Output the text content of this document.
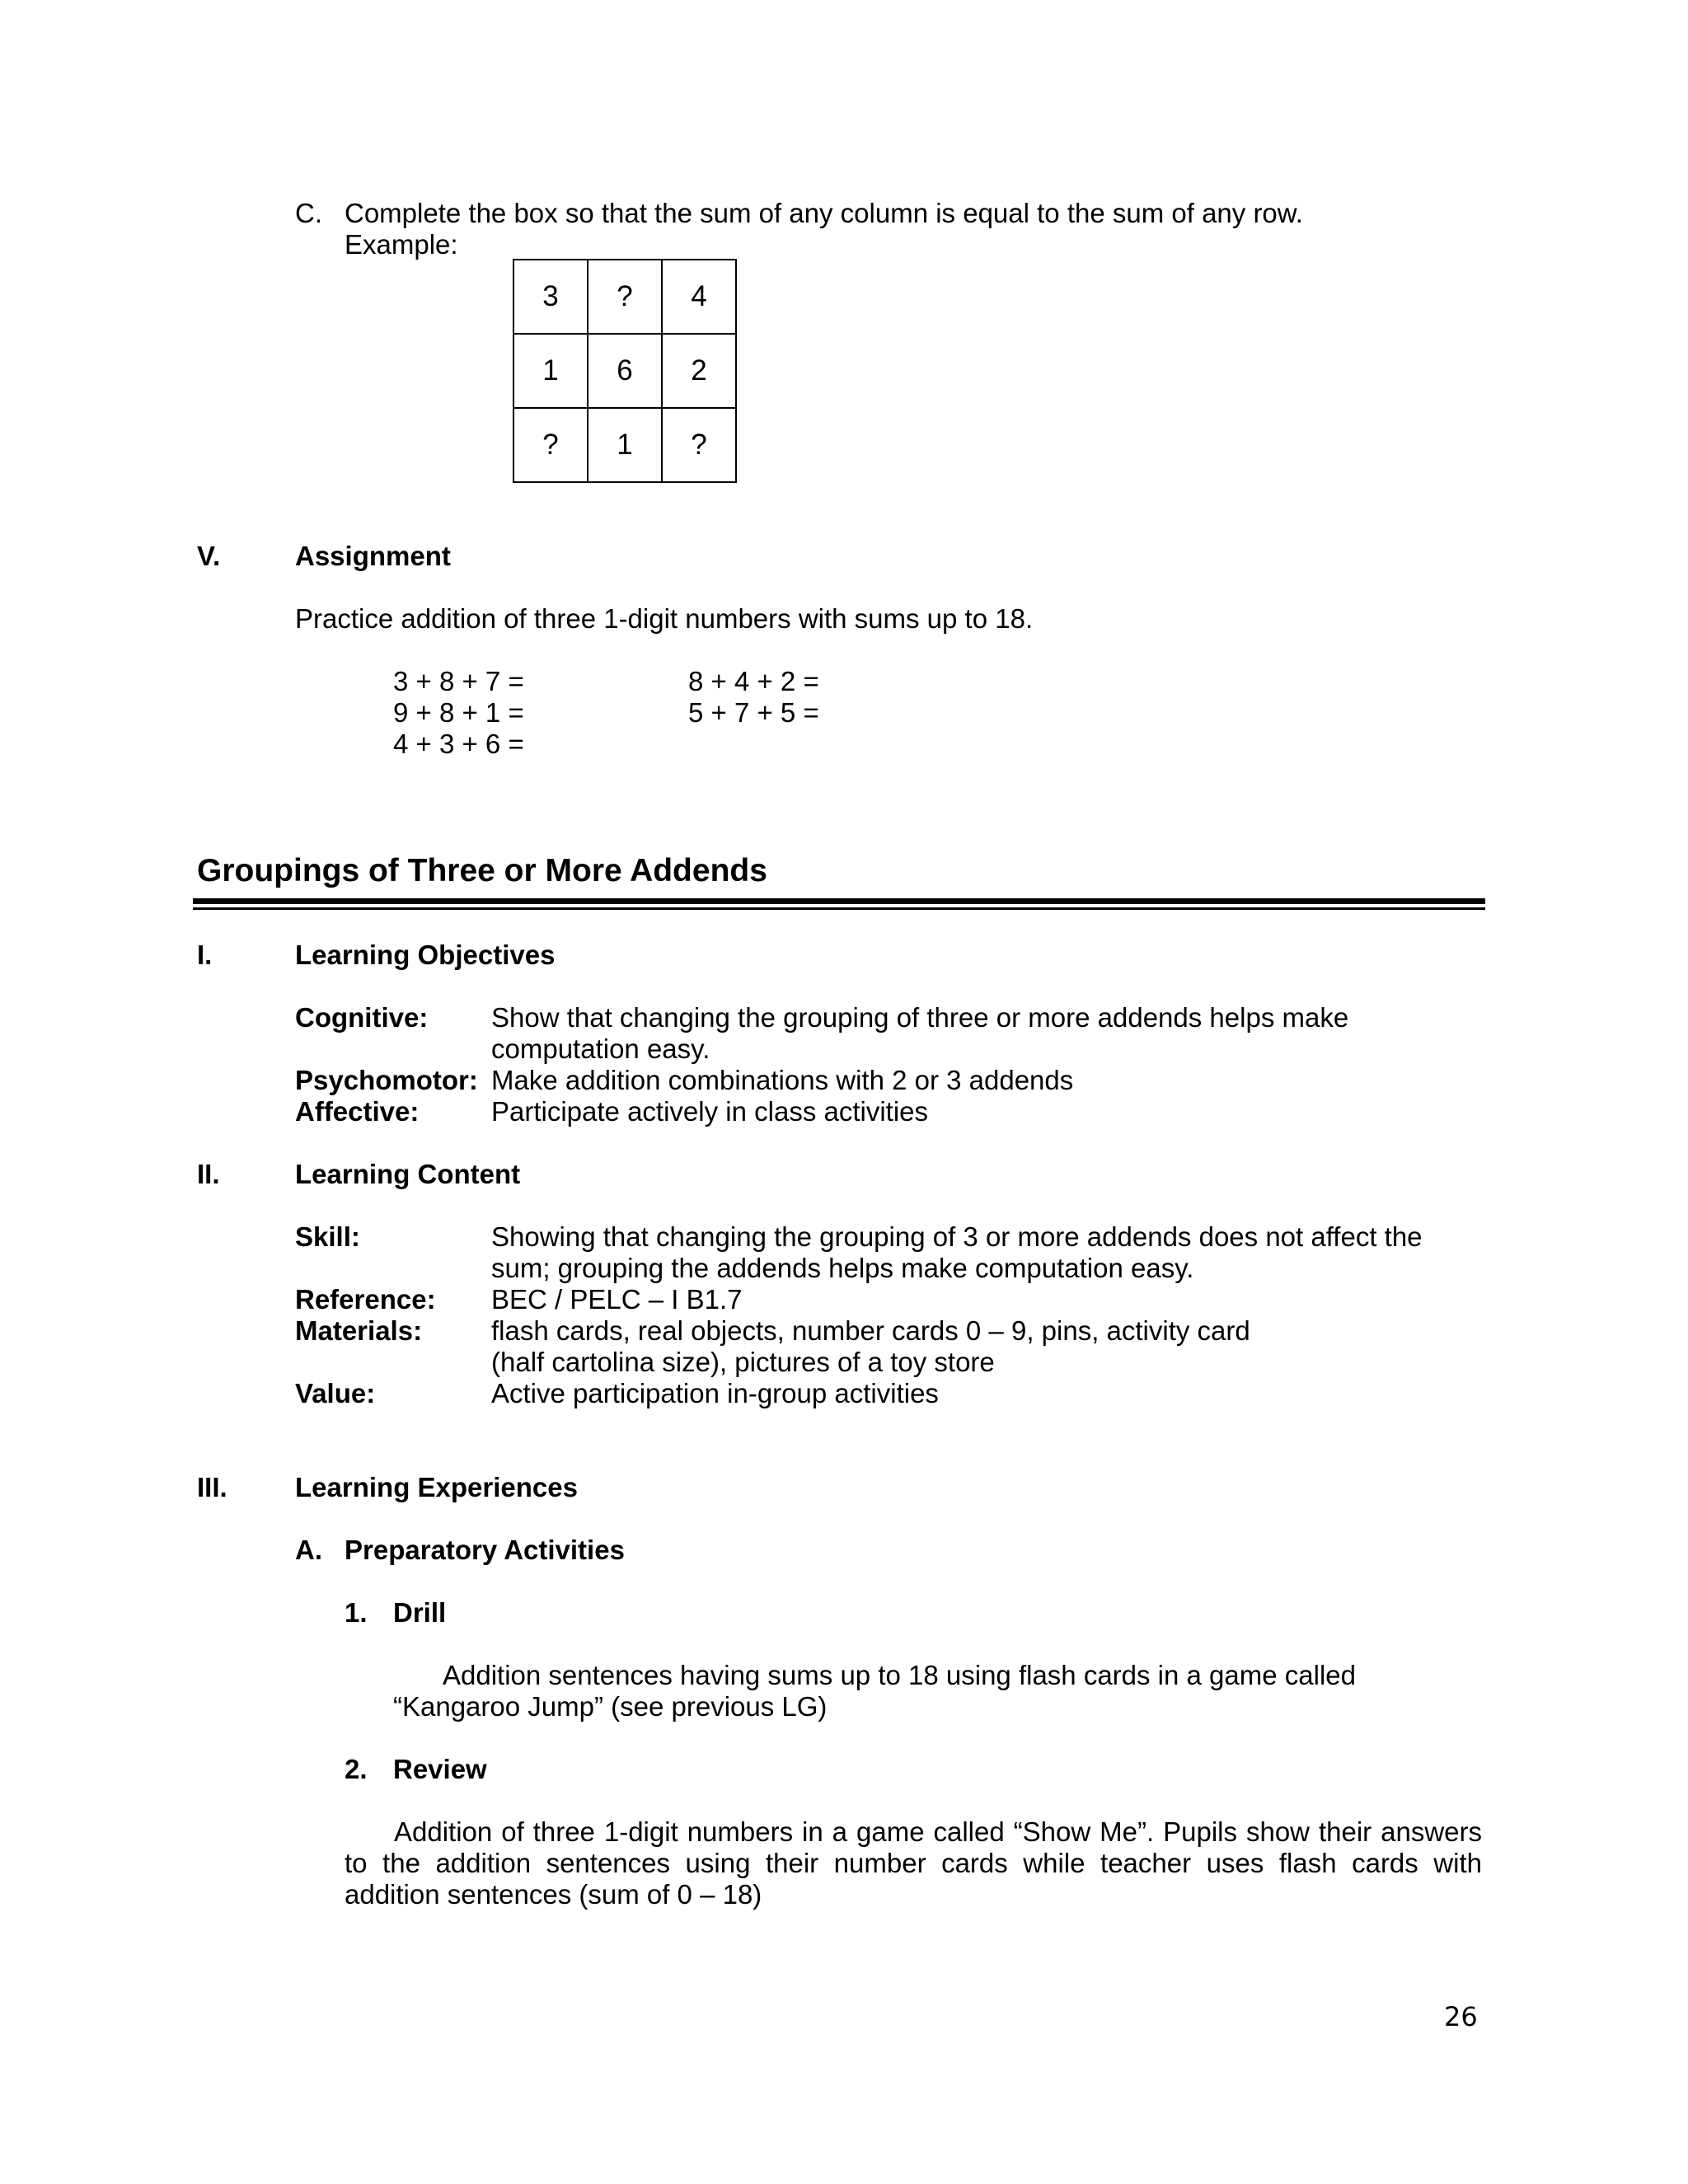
C. Complete the box so that the sum of any column is equal to the sum of any row.
Example:
3	?	4
1	6	2
?	1	?
V.	Assignment
Practice addition of three 1-digit numbers with sums up to 18.
3 + 8 + 7 =
9 + 8 + 1 =
4 + 3 + 6 =
8 + 4 + 2 =
5 + 7 + 5 =
Groupings of Three or More Addends
I.	Learning Objectives
Cognitive: Show that changing the grouping of three or more addends helps make
computation easy.
Psychomotor: Make addition combinations with 2 or 3 addends
Affective:	Participate actively in class activities
II.	Learning Content
Skill:	Showing that changing the grouping of 3 or more addends does not affect the
sum; grouping the addends helps make computation easy.
Reference: BEC / PELC – I B1.7
Materials:	flash cards, real objects, number cards 0 – 9, pins, activity card
(half cartolina size), pictures of a toy store
Value:	Active participation in-group activities
III. Learning Experiences
A. Preparatory Activities
1. Drill
Addition sentences having sums up to 18 using flash cards in a game called
“Kangaroo Jump” (see previous LG)
2. Review
Addition of three 1-digit numbers in a game called “Show Me”. Pupils show their answers to the addition sentences using their number cards while teacher uses flash cards with addition sentences (sum of 0 – 18)
26
